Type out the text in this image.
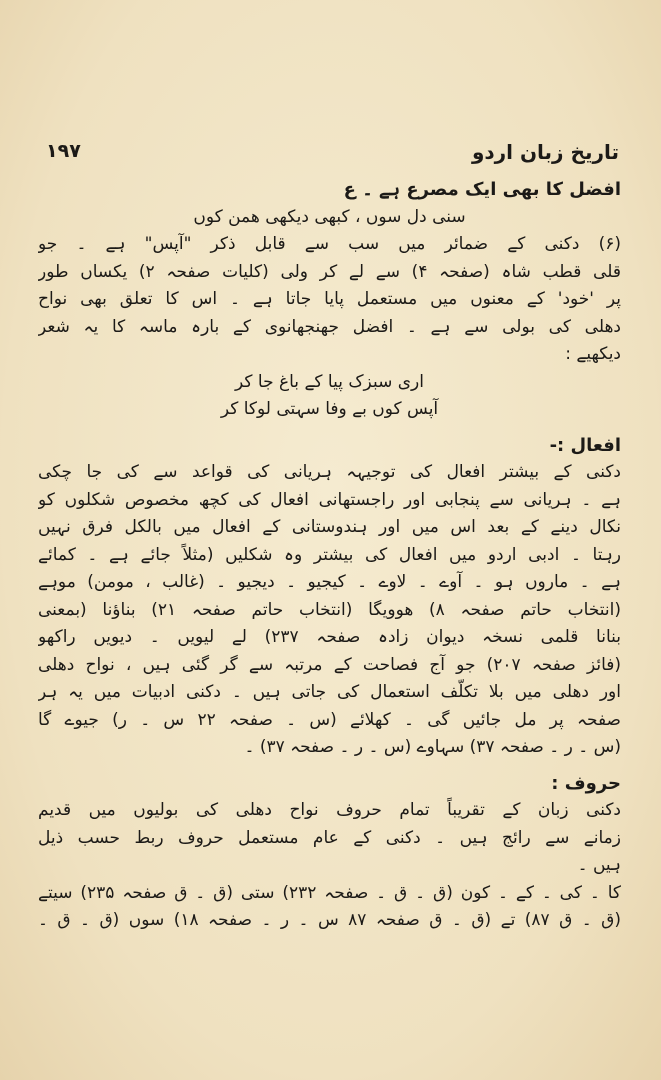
تاریخ زبان اردو
۱۹۷
افضل کا بھی ایک مصرع ہے ۔ ع
سنی دل سوں ، کبھی دیکھی ھمن کوں
(۶) دکنی کے ضمائر میں سب سے قابل ذکر "آپس" ہے ۔ جو
قلی قطب شاہ (صفحہ ۴) سے لے کر ولی (کلیات صفحہ ۲) یکساں طور
پر 'خود' کے معنوں میں مستعمل پایا جاتا ہے ۔ اس کا تعلق بھی نواح
دھلی کی بولی سے ہے ۔ افضل جھنجھانوی کے بارہ ماسہ کا یہ شعر
دیکھیے :
اری سبزک پیا کے باغ جا کر
آپس کوں بے وفا سہتی لوکا کر
افعال :-
دکنی کے بیشتر افعال کی توجیہہ ہریانی کی قواعد سے کی جا چکی
ہے ۔ ہریانی سے پنجابی اور راجستھانی افعال کی کچھ مخصوص شکلوں کو
نکال دینے کے بعد اس میں اور ہندوستانی کے افعال میں بالکل فرق نہیں
رہتا ۔ ادبی اردو میں افعال کی بیشتر وہ شکلیں (مثلاً جائے ہے ۔ کمائے
ہے ۔ ماروں ہو ۔ آوے ۔ لاوے ۔ کیجیو ۔ دیجیو ۔ (غالب ، مومن) موہے
(انتخاب حاتم صفحہ ۸) ھوویگا (انتخاب حاتم صفحہ ۲۱) بناؤنا (بمعنی
بنانا قلمی نسخہ دیوان زادہ صفحہ ۲۳۷) لے لیویں ۔ دیویں راکھو
(فائز صفحہ ۲۰۷) جو آج فصاحت کے مرتبہ سے گر گئی ہیں ، نواح دھلی
اور دھلی میں بلا تکلّف استعمال کی جاتی ہیں ۔ دکنی ادبیات میں یہ ہر
صفحہ پر مل جائیں گی ۔ کھلائے (س ۔ صفحہ ۲۲ س ۔ ر) جیوے گا
(س ۔ ر ۔ صفحہ ۳۷) سہاوے (س ۔ ر ۔ صفحہ ۳۷) ۔
حروف :
دکنی زبان کے تقریباً تمام حروف نواح دھلی کی بولیوں میں قدیم
زمانے سے رائج ہیں ۔ دکنی کے عام مستعمل حروف ربط حسب ذیل
ہیں ۔
کا ۔ کی ۔ کے ۔ کون (ق ۔ ق ۔ صفحہ ۲۳۲) ستی (ق ۔ ق صفحہ ۲۳۵) سیتے
(ق ۔ ق ۸۷) تے (ق ۔ ق صفحہ ۸۷ س ۔ ر ۔ صفحہ ۱۸) سوں (ق ۔ ق ۔
